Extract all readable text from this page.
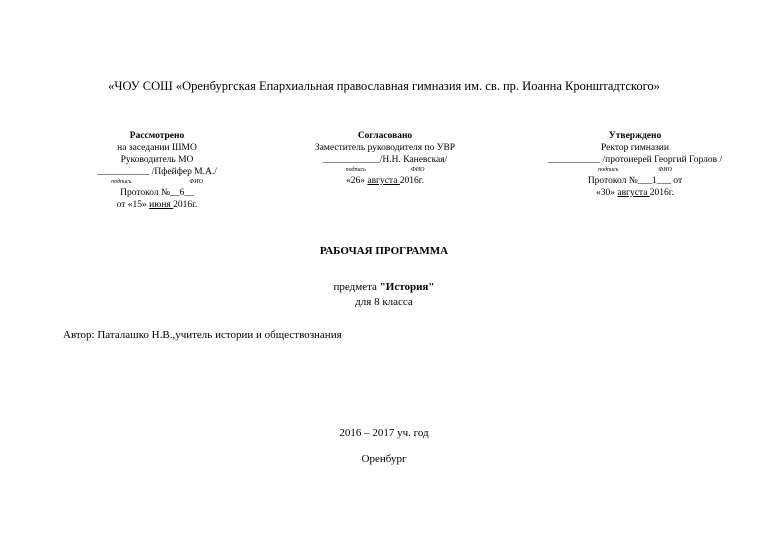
«ЧОУ СОШ «Оренбургская Епархиальная православная гимназия им. св. пр. Иоанна Кронштадтского»
Рассмотрено
на заседании ШМО
Руководитель МО
___________ /Пфейфер М.А./
подпись	ФИО
Протокол №__6__
от «15» июня 2016г.
Согласовано
Заместитель руководителя по УВР
____________/Н.Н. Каневская/
подпись	ФИО
«26» августа 2016г.
Утверждено
Ректор гимназии
___________ /протоиерей Георгий Горлов /
подпись	ФИО
Протокол №___1___ от
«30» августа 2016г.
РАБОЧАЯ ПРОГРАММА
предмета "История"
для 8 класса
Автор: Паталашко Н.В.,учитель истории и обществознания
2016 – 2017 уч. год
Оренбург
